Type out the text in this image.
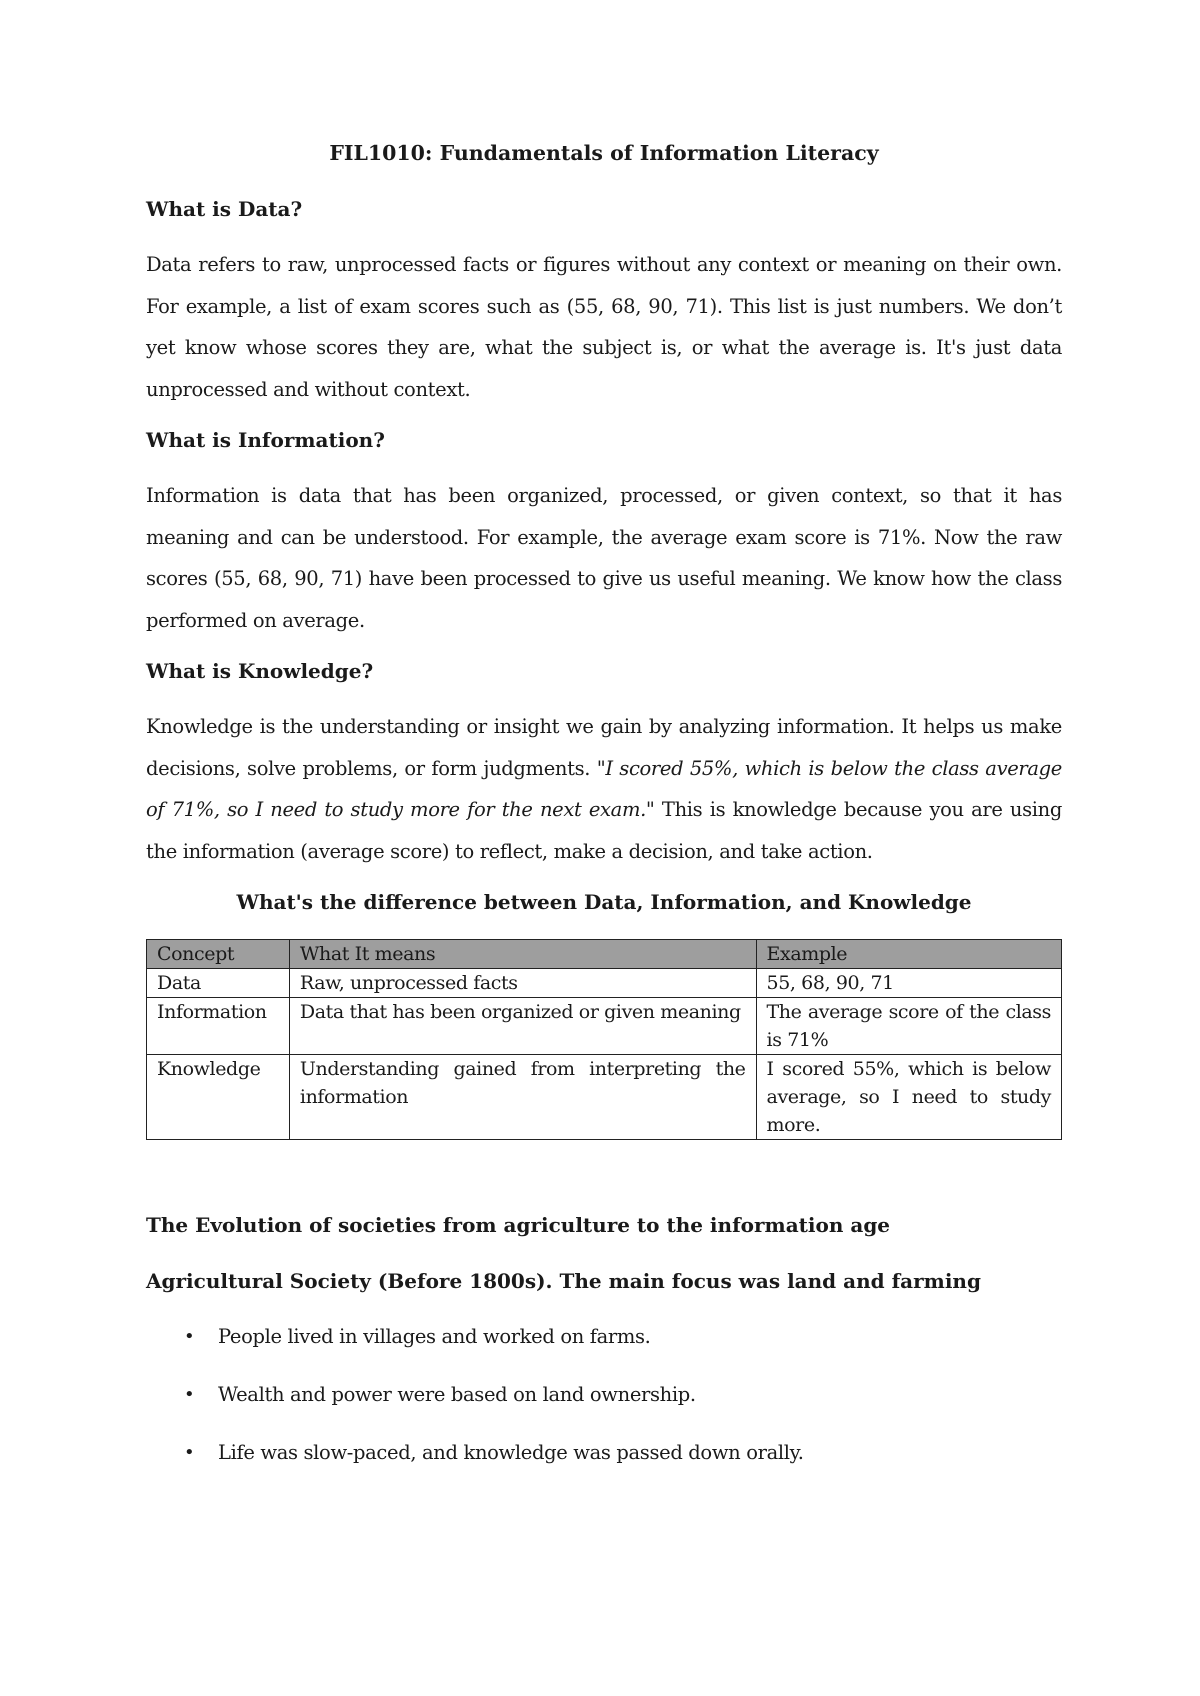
FIL1010: Fundamentals of Information Literacy
What is Data?

Data refers to raw, unprocessed facts or figures without any context or meaning on their own. For example, a list of exam scores such as (55, 68, 90, 71). This list is just numbers. We don’t yet know whose scores they are, what the subject is, or what the average is. It's just data unprocessed and without context.

What is Information?

Information is data that has been organized, processed, or given context, so that it has meaning and can be understood. For example, the average exam score is 71%. Now the raw scores (55, 68, 90, 71) have been processed to give us useful meaning. We know how the class performed on average.

What is Knowledge?

Knowledge is the understanding or insight we gain by analyzing information. It helps us make decisions, solve problems, or form judgments. "I scored 55%, which is below the class average of 71%, so I need to study more for the next exam." This is knowledge because you are using the information (average score) to reflect, make a decision, and take action.

What's the difference between Data, Information, and Knowledge
Concept	What It means	Example
Data	Raw, unprocessed facts	55, 68, 90, 71
Information	Data that has been organized or given meaning	The average score of the class is 71%
Knowledge	Understanding gained from interpreting the information	I scored 55%, which is below average, so I need to study more.
The Evolution of societies from agriculture to the information age
Agricultural Society (Before 1800s). The main focus was land and farming
• People lived in villages and worked on farms.
• Wealth and power were based on land ownership.
• Life was slow-paced, and knowledge was passed down orally.
